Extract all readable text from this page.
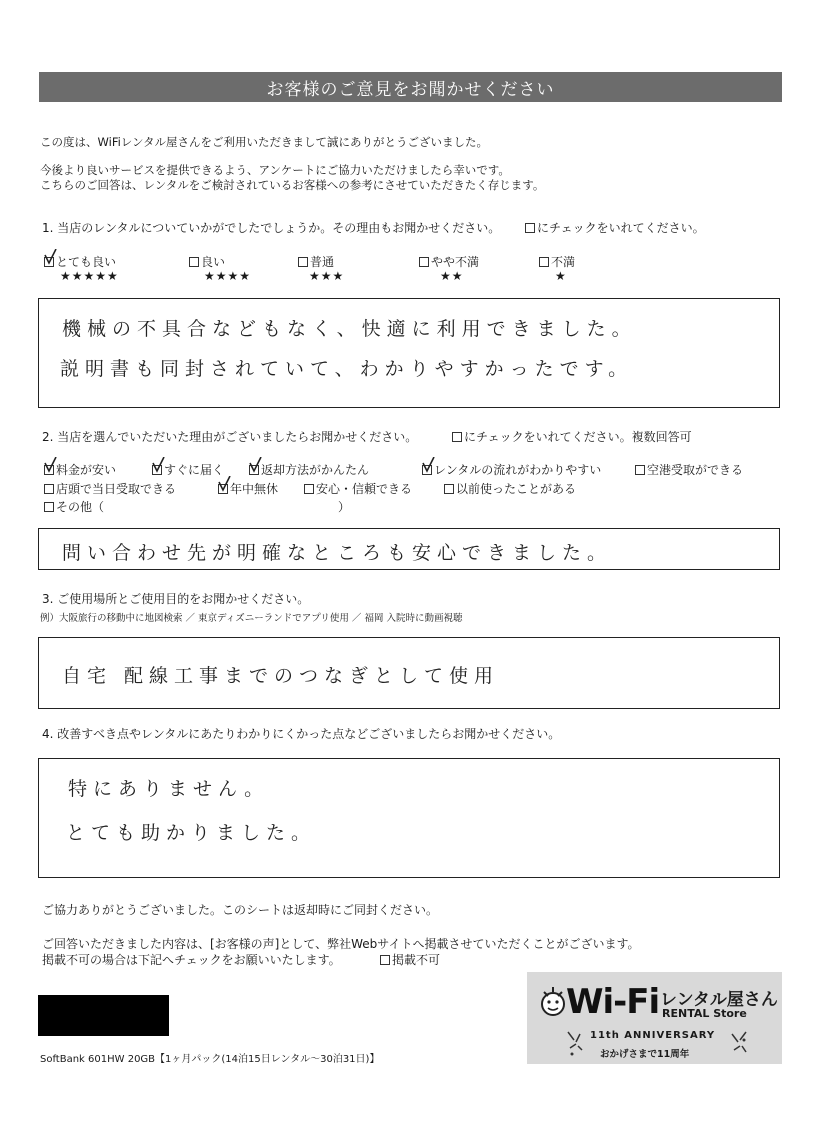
お客様のご意見をお聞かせください
この度は、WiFiレンタル屋さんをご利用いただきまして誠にありがとうございました。
今後より良いサービスを提供できるよう、アンケートにご協力いただけましたら幸いです。
こちらのご回答は、レンタルをご検討されているお客様への参考にさせていただきたく存じます。
1. 当店のレンタルについていかがでしたでしょうか。その理由もお聞かせください。	にチェックをいれてください。
とても良い
★★★★★
良い
★★★★
普通
★★★
やや不満
★★
不満
★
機械の不具合などもなく、快適に利用できました。
説明書も同封されていて、わかりやすかったです。
2. 当店を選んでいただいた理由がございましたらお聞かせください。	にチェックをいれてください。複数回答可
料金が安い	すぐに届く	返却方法がかんたん	レンタルの流れがわかりやすい	空港受取ができる
店頭で当日受取できる	年中無休	安心・信頼できる	以前使ったことがある
その他（	）
問い合わせ先が明確なところも安心できました。
3. ご使用場所とご使用目的をお聞かせください。
例）大阪旅行の移動中に地図検索 ／ 東京ディズニーランドでアプリ使用 ／ 福岡 入院時に動画視聴
自宅 配線工事までのつなぎとして使用
4. 改善すべき点やレンタルにあたりわかりにくかった点などございましたらお聞かせください。
特にありません。
とても助かりました。
ご協力ありがとうございました。このシートは返却時にご同封ください。
ご回答いただきました内容は、[お客様の声]として、弊社Webサイトへ掲載させていただくことがございます。
掲載不可の場合は下記へチェックをお願いいたします。	掲載不可
SoftBank 601HW 20GB【1ヶ月パック(14泊15日レンタル～30泊31日)】
Wi-Fi レンタル屋さん
RENTAL Store
11th ANNIVERSARY
おかげさまで11周年
